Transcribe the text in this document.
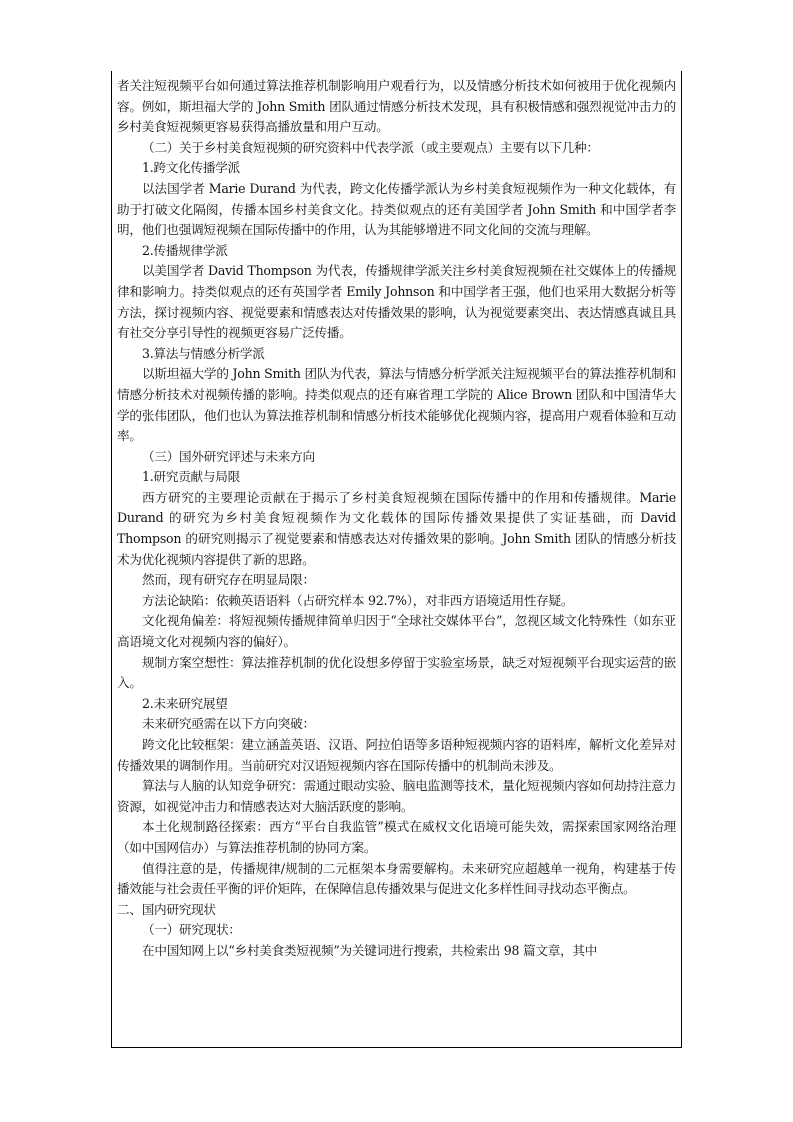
者关注短视频平台如何通过算法推荐机制影响用户观看行为，以及情感分析技术如何被用于优化视频内容。例如，斯坦福大学的 John Smith 团队通过情感分析技术发现，具有积极情感和强烈视觉冲击力的乡村美食短视频更容易获得高播放量和用户互动。

（二）关于乡村美食短视频的研究资料中代表学派（或主要观点）主要有以下几种：

1.跨文化传播学派

以法国学者 Marie Durand 为代表，跨文化传播学派认为乡村美食短视频作为一种文化载体，有助于打破文化隔阂，传播本国乡村美食文化。持类似观点的还有美国学者 John Smith 和中国学者李明，他们也强调短视频在国际传播中的作用，认为其能够增进不同文化间的交流与理解。

2.传播规律学派

以美国学者 David Thompson 为代表，传播规律学派关注乡村美食短视频在社交媒体上的传播规律和影响力。持类似观点的还有英国学者 Emily Johnson 和中国学者王强，他们也采用大数据分析等方法，探讨视频内容、视觉要素和情感表达对传播效果的影响，认为视觉要素突出、表达情感真诚且具有社交分享引导性的视频更容易广泛传播。

3.算法与情感分析学派

以斯坦福大学的 John Smith 团队为代表，算法与情感分析学派关注短视频平台的算法推荐机制和情感分析技术对视频传播的影响。持类似观点的还有麻省理工学院的 Alice Brown 团队和中国清华大学的张伟团队，他们也认为算法推荐机制和情感分析技术能够优化视频内容，提高用户观看体验和互动率。

（三）国外研究评述与未来方向

1.研究贡献与局限

西方研究的主要理论贡献在于揭示了乡村美食短视频在国际传播中的作用和传播规律。Marie Durand 的研究为乡村美食短视频作为文化载体的国际传播效果提供了实证基础，而 David Thompson 的研究则揭示了视觉要素和情感表达对传播效果的影响。John Smith 团队的情感分析技术为优化视频内容提供了新的思路。

然而，现有研究存在明显局限：

方法论缺陷：依赖英语语料（占研究样本 92.7%），对非西方语境适用性存疑。

文化视角偏差：将短视频传播规律简单归因于“全球社交媒体平台”，忽视区域文化特殊性（如东亚高语境文化对视频内容的偏好）。

规制方案空想性：算法推荐机制的优化设想多停留于实验室场景，缺乏对短视频平台现实运营的嵌入。

2.未来研究展望

未来研究亟需在以下方向突破：

跨文化比较框架：建立涵盖英语、汉语、阿拉伯语等多语种短视频内容的语料库，解析文化差异对传播效果的调制作用。当前研究对汉语短视频内容在国际传播中的机制尚未涉及。

算法与人脑的认知竞争研究：需通过眼动实验、脑电监测等技术，量化短视频内容如何劫持注意力资源，如视觉冲击力和情感表达对大脑活跃度的影响。

本土化规制路径探索：西方“平台自我监管”模式在威权文化语境可能失效，需探索国家网络治理（如中国网信办）与算法推荐机制的协同方案。

值得注意的是，传播规律/规制的二元框架本身需要解构。未来研究应超越单一视角，构建基于传播效能与社会责任平衡的评价矩阵，在保障信息传播效果与促进文化多样性间寻找动态平衡点。

二、国内研究现状

（一）研究现状：

在中国知网上以“乡村美食类短视频”为关键词进行搜索，共检索出 98 篇文章，其中
